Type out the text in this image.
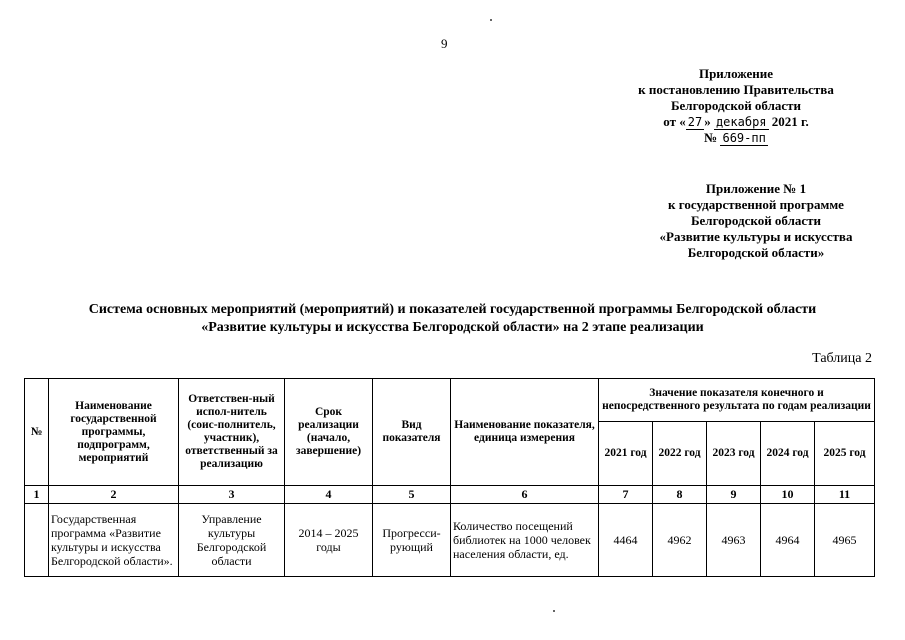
9
Приложение
к постановлению Правительства
Белгородской области
от « 27 » декабря 2021 г.
№ 669-пп
Приложение № 1
к государственной программе
Белгородской области
«Развитие культуры и искусства
Белгородской области»
Система основных мероприятий (мероприятий) и показателей государственной программы Белгородской области
«Развитие культуры и искусства Белгородской области» на 2 этапе реализации
Таблица 2
№	Наименование государственной программы, подпрограмм, мероприятий	Ответствен-ный испол-нитель (соис-полнитель, участник), ответственный за реализацию	Срок реализации (начало, завершение)	Вид показателя	Наименование показателя, единица измерения	Значение показателя конечного и непосредственного результата по годам реализации				
						2021 год	2022 год	2023 год	2024 год	2025 год
1	2	3	4	5	6	7	8	9	10	11
	Государственная программа «Развитие культуры и искусства Белгородской области».	Управление культуры Белгородской области	2014 – 2025 годы	Прогресси-рующий	Количество посещений библиотек на 1000 человек населения области, ед.	4464	4962	4963	4964	4965
